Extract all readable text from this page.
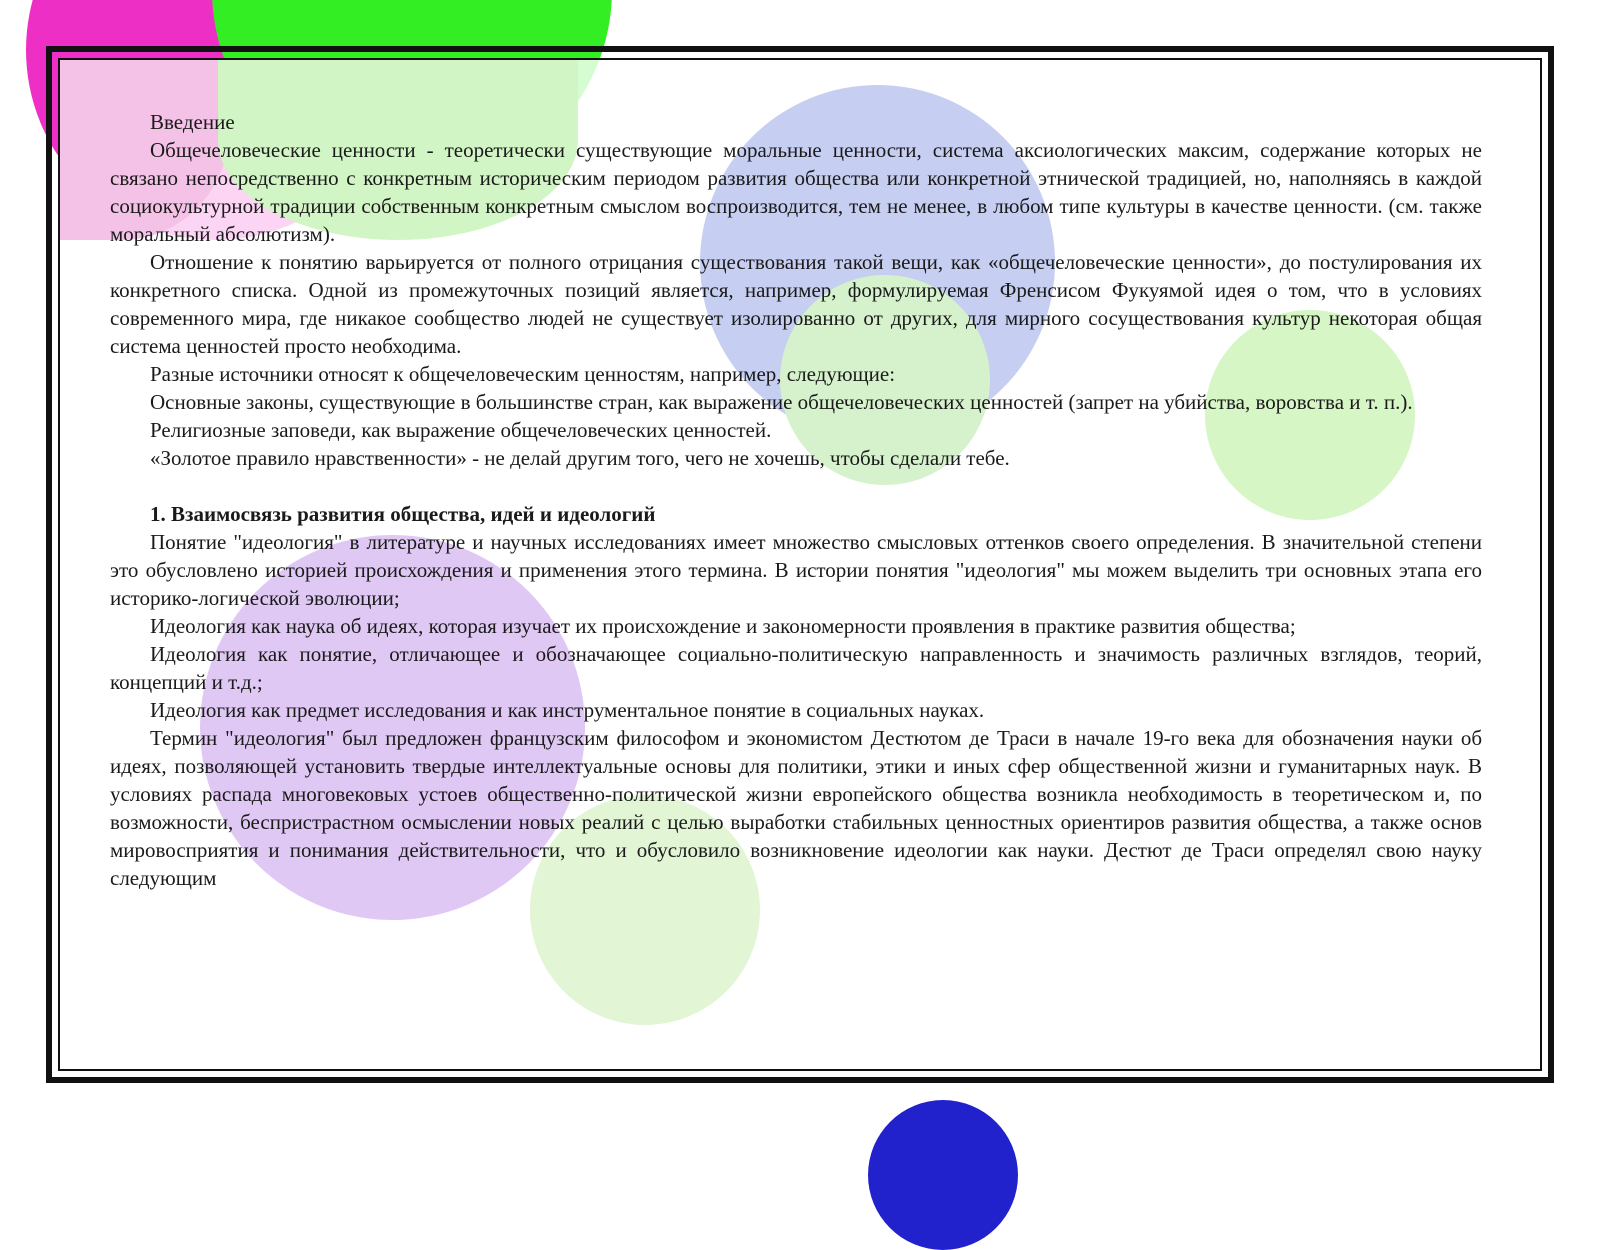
Введение

Общечеловеческие ценности - теоретически существующие моральные ценности, система аксиологических максим, содержание которых не связано непосредственно с конкретным историческим периодом развития общества или конкретной этнической традицией, но, наполняясь в каждой социокультурной традиции собственным конкретным смыслом воспроизводится, тем не менее, в любом типе культуры в качестве ценности. (см. также моральный абсолютизм).

Отношение к понятию варьируется от полного отрицания существования такой вещи, как «общечеловеческие ценности», до постулирования их конкретного списка. Одной из промежуточных позиций является, например, формулируемая Френсисом Фукуямой идея о том, что в условиях современного мира, где никакое сообщество людей не существует изолированно от других, для мирного сосуществования культур некоторая общая система ценностей просто необходима.

Разные источники относят к общечеловеческим ценностям, например, следующие:

Основные законы, существующие в большинстве стран, как выражение общечеловеческих ценностей (запрет на убийства, воровства и т. п.).

Религиозные заповеди, как выражение общечеловеческих ценностей.

«Золотое правило нравственности» - не делай другим того, чего не хочешь, чтобы сделали тебе.

1. Взаимосвязь развития общества, идей и идеологий

Понятие "идеология" в литературе и научных исследованиях имеет множество смысловых оттенков своего определения. В значительной степени это обусловлено историей происхождения и применения этого термина. В истории понятия "идеология" мы можем выделить три основных этапа его историко-логической эволюции;

Идеология как наука об идеях, которая изучает их происхождение и закономерности проявления в практике развития общества;

Идеология как понятие, отличающее и обозначающее социально-политическую направленность и значимость различных взглядов, теорий, концепций и т.д.;

Идеология как предмет исследования и как инструментальное понятие в социальных науках.

Термин "идеология" был предложен французским философом и экономистом Дестютом де Траси в начале 19-го века для обозначения науки об идеях, позволяющей установить твердые интеллектуальные основы для политики, этики и иных сфер общественной жизни и гуманитарных наук. В условиях распада многовековых устоев общественно-политической жизни европейского общества возникла необходимость в теоретическом и, по возможности, беспристрастном осмыслении новых реалий с целью выработки стабильных ценностных ориентиров развития общества, а также основ мировосприятия и понимания действительности, что и обусловило возникновение идеологии как науки. Дестют де Траси определял свою науку следующим
